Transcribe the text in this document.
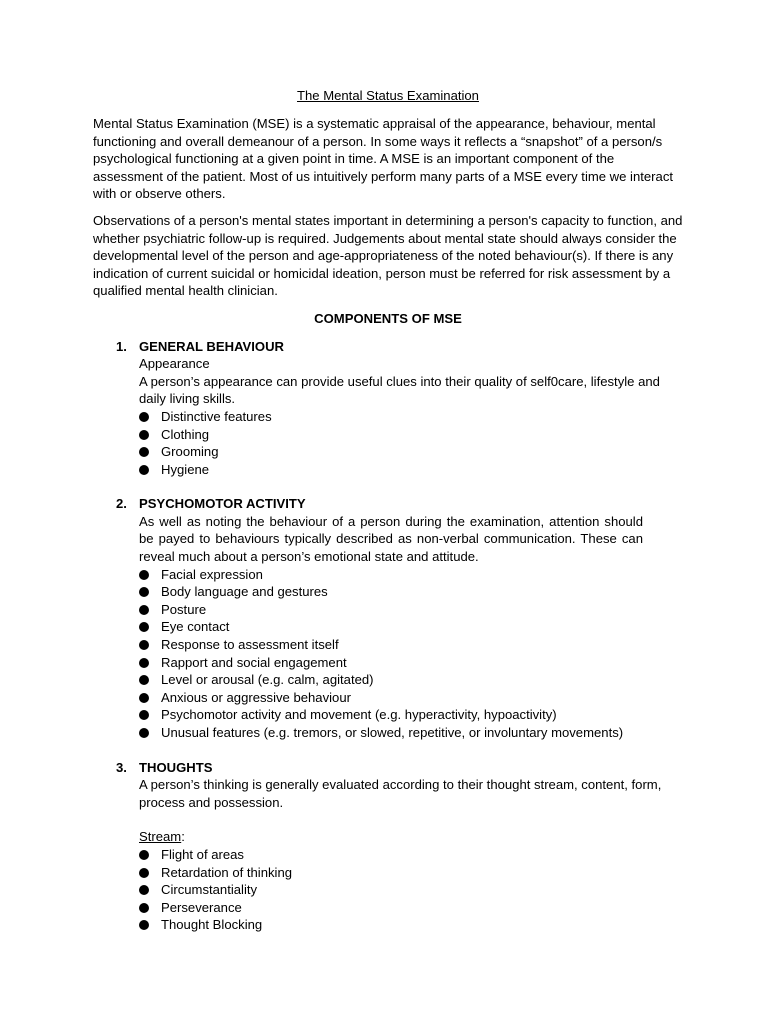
The Mental Status Examination

Mental Status Examination (MSE) is a systematic appraisal of the appearance, behaviour, mental functioning and overall demeanour of a person. In some ways it reflects a “snapshot” of a person/s psychological functioning at a given point in time. A MSE is an important component of the assessment of the patient. Most of us intuitively perform many parts of a MSE every time we interact with or observe others.

Observations of a person's mental states important in determining a person's capacity to function, and whether psychiatric follow-up is required. Judgements about mental state should always consider the developmental level of the person and age-appropriateness of the noted behaviour(s). If there is any indication of current suicidal or homicidal ideation, person must be referred for risk assessment by a qualified mental health clinician.

COMPONENTS OF MSE

1. GENERAL BEHAVIOUR
Appearance
A person’s appearance can provide useful clues into their quality of self0care, lifestyle and daily living skills.
Distinctive features
Clothing
Grooming
Hygiene
2. PSYCHOMOTOR ACTIVITY
As well as noting the behaviour of a person during the examination, attention should be payed to behaviours typically described as non-verbal communication. These can reveal much about a person’s emotional state and attitude.
Facial expression
Body language and gestures
Posture
Eye contact
Response to assessment itself
Rapport and social engagement
Level or arousal (e.g. calm, agitated)
Anxious or aggressive behaviour
Psychomotor activity and movement (e.g. hyperactivity, hypoactivity)
Unusual features (e.g. tremors, or slowed, repetitive, or involuntary movements)
3. THOUGHTS
A person’s thinking is generally evaluated according to their thought stream, content, form, process and possession.
Stream:
Flight of areas
Retardation of thinking
Circumstantiality
Perseverance
Thought Blocking
